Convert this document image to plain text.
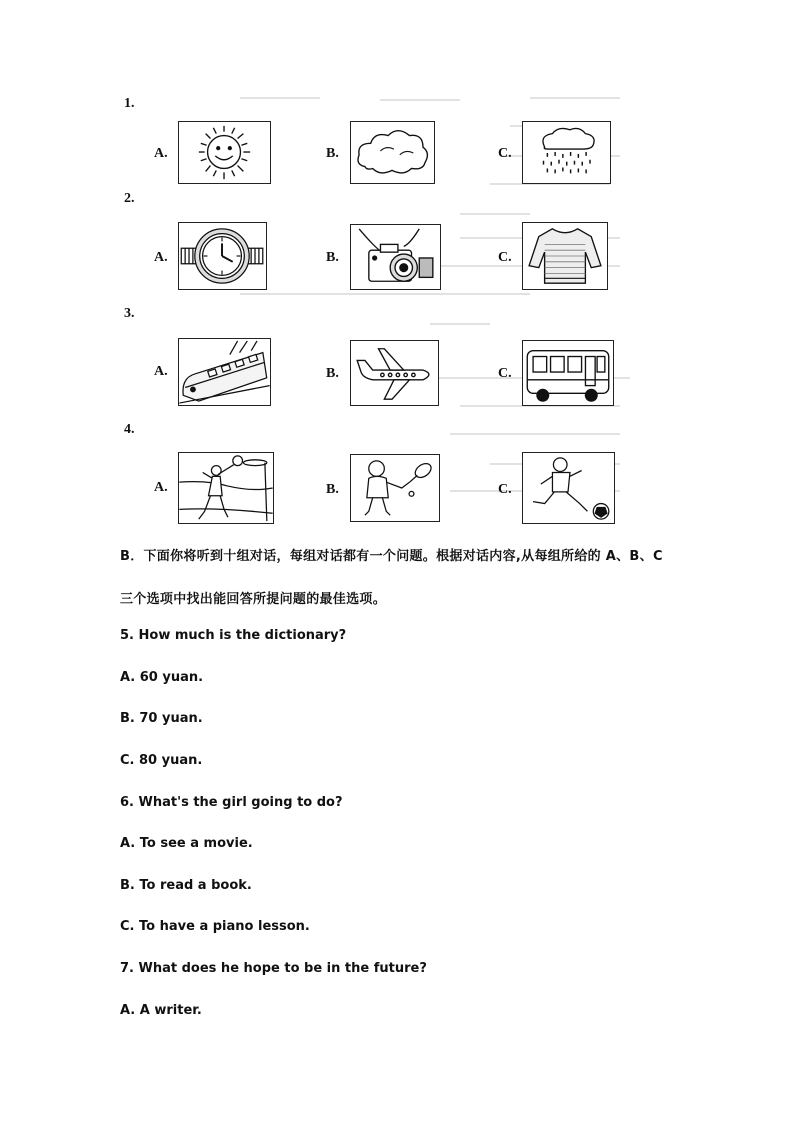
1.
A.	B.	C.
2.
A.	B.	C.
3.
A.	B.	C.
4.
A.	B.	C.
B．下面你将听到十组对话，每组对话都有一个问题。根据对话内容,从每组所给的 A、B、C
三个选项中找出能回答所提问题的最佳选项。
5. How much is the dictionary?
A. 60 yuan.
B. 70 yuan.
C. 80 yuan.
6. What's the girl going to do?
A. To see a movie.
B. To read a book.
C. To have a piano lesson.
7. What does he hope to be in the future?
A. A writer.
